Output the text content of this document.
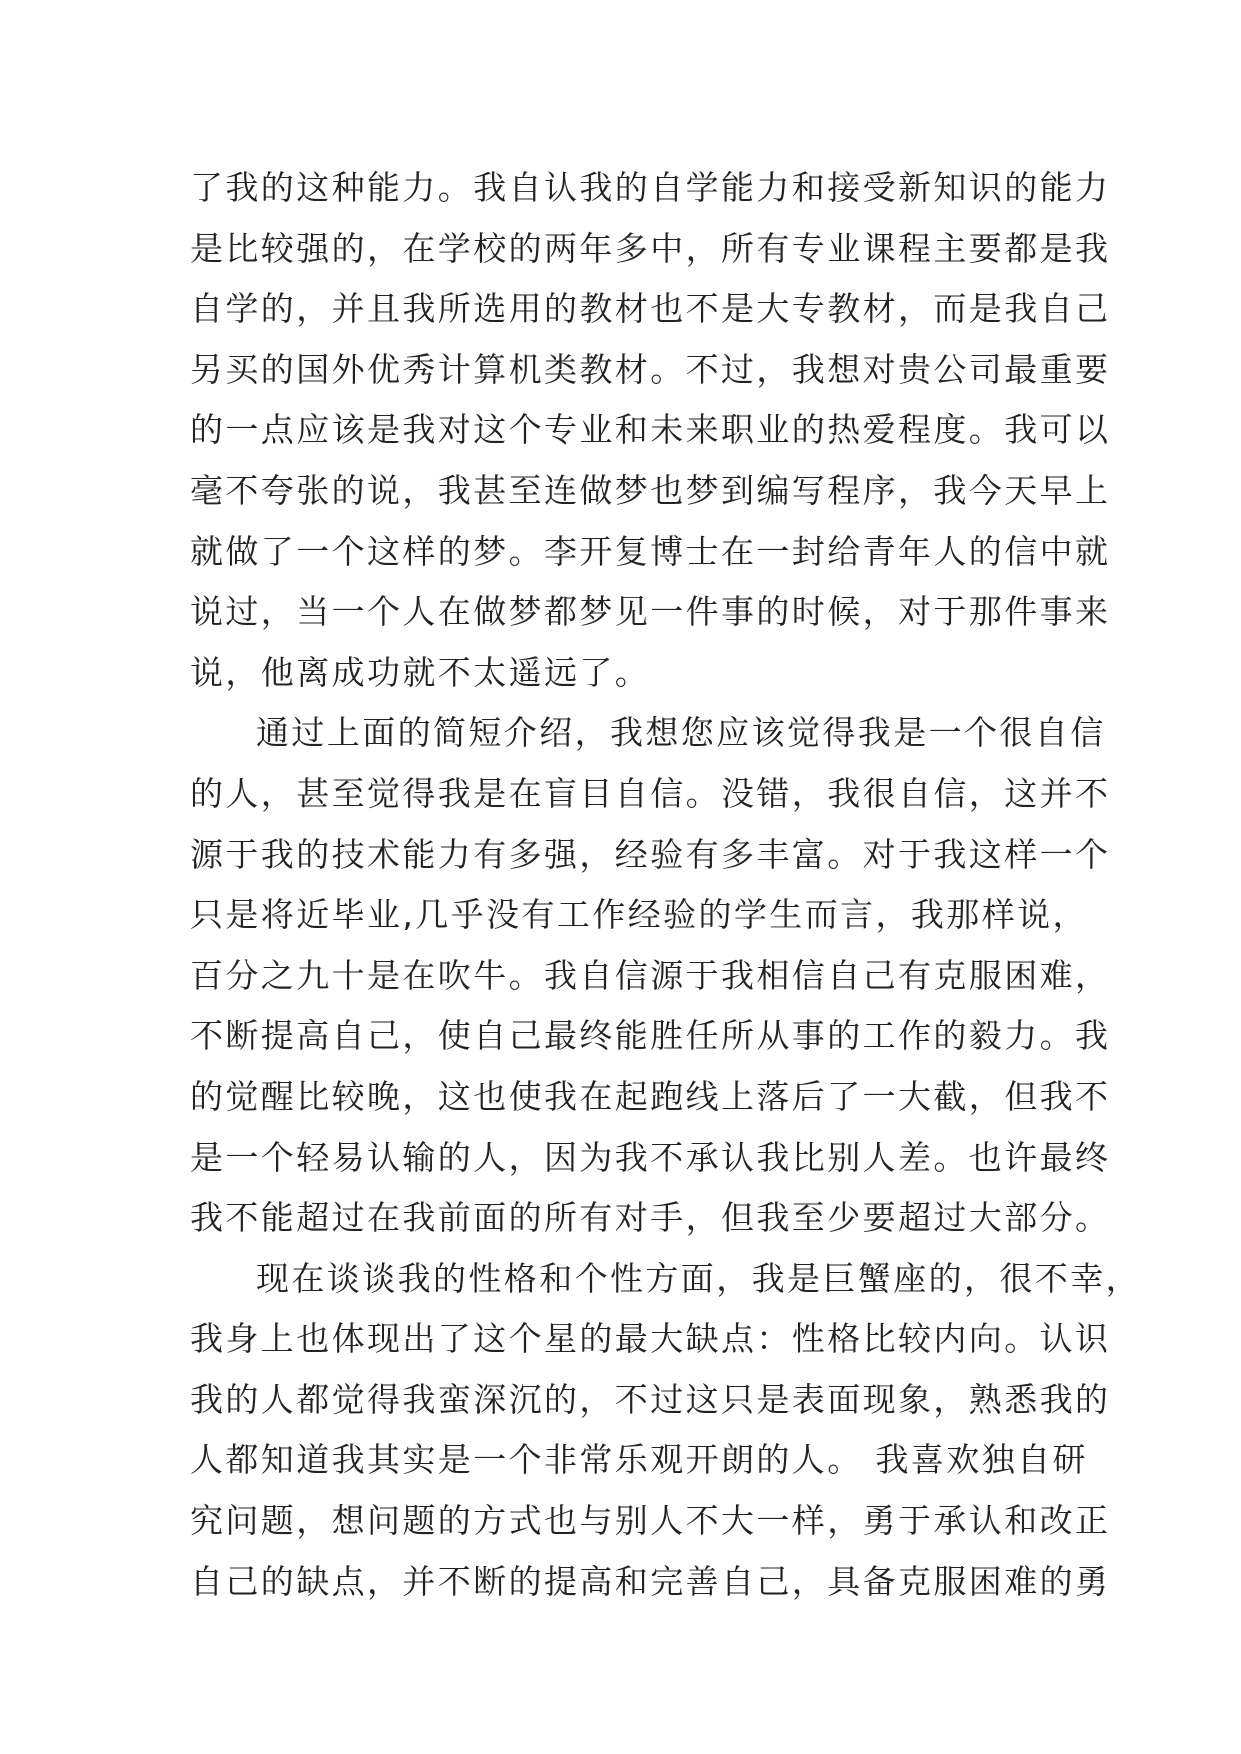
了我的这种能力。我自认我的自学能力和接受新知识的能力
是比较强的，在学校的两年多中，所有专业课程主要都是我
自学的，并且我所选用的教材也不是大专教材，而是我自己
另买的国外优秀计算机类教材。不过，我想对贵公司最重要
的一点应该是我对这个专业和未来职业的热爱程度。我可以
毫不夸张的说，我甚至连做梦也梦到编写程序，我今天早上
就做了一个这样的梦。李开复博士在一封给青年人的信中就
说过，当一个人在做梦都梦见一件事的时候，对于那件事来
说，他离成功就不太遥远了。
通过上面的简短介绍，我想您应该觉得我是一个很自信
的人，甚至觉得我是在盲目自信。没错，我很自信，这并不
源于我的技术能力有多强，经验有多丰富。对于我这样一个
只是将近毕业,几乎没有工作经验的学生而言，我那样说，
百分之九十是在吹牛。我自信源于我相信自己有克服困难，
不断提高自己，使自己最终能胜任所从事的工作的毅力。我
的觉醒比较晚，这也使我在起跑线上落后了一大截，但我不
是一个轻易认输的人，因为我不承认我比别人差。也许最终
我不能超过在我前面的所有对手，但我至少要超过大部分。
现在谈谈我的性格和个性方面，我是巨蟹座的，很不幸，
我身上也体现出了这个星的最大缺点：性格比较内向。认识
我的人都觉得我蛮深沉的，不过这只是表面现象，熟悉我的
人都知道我其实是一个非常乐观开朗的人。 我喜欢独自研
究问题，想问题的方式也与别人不大一样，勇于承认和改正
自己的缺点，并不断的提高和完善自己，具备克服困难的勇
